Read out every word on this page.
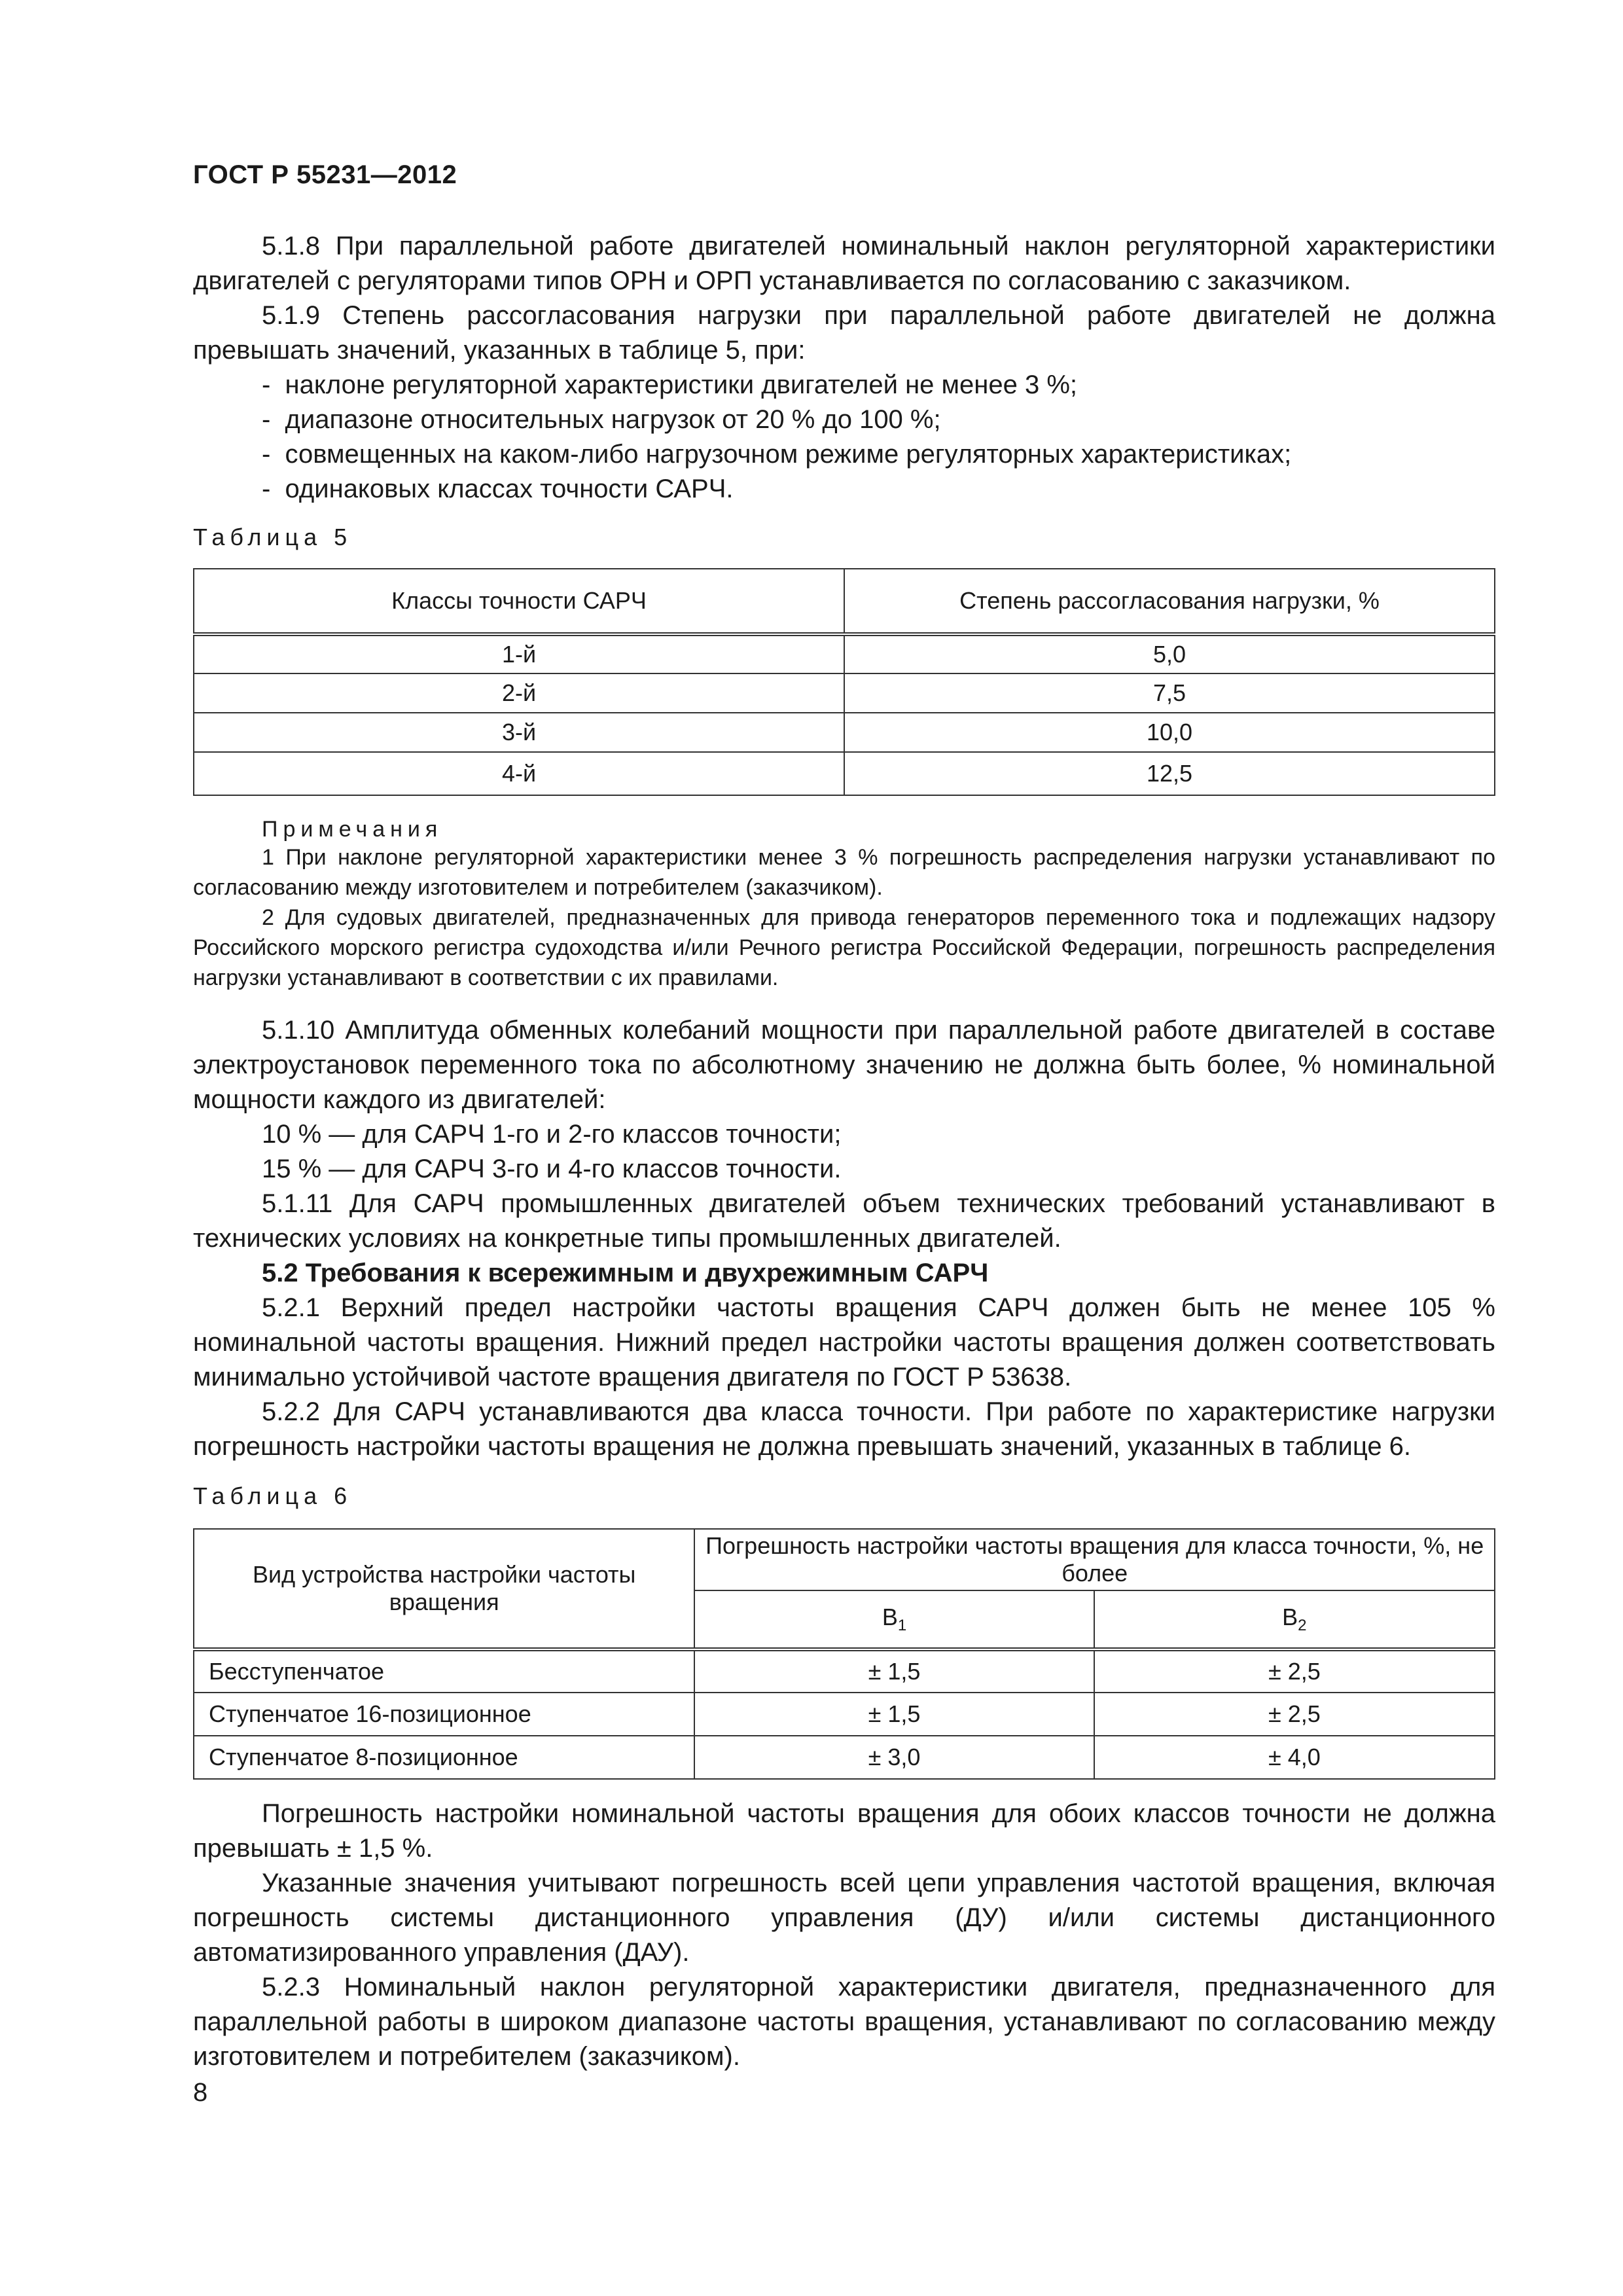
ГОСТ Р 55231—2012

5.1.8 При параллельной работе двигателей номинальный наклон регуляторной характеристики двигателей с регуляторами типов ОРН и ОРП устанавливается по согласованию с заказчиком.

5.1.9 Степень рассогласования нагрузки при параллельной работе двигателей не должна превышать значений, указанных в таблице 5, при:

-  наклоне регуляторной характеристики двигателей не менее 3 %;

-  диапазоне относительных нагрузок от 20 % до 100 %;

-  совмещенных на каком-либо нагрузочном режиме регуляторных характеристиках;

-  одинаковых классах точности САРЧ.

Таблица 5

Классы точности САРЧ	Степень рассогласования нагрузки, %
1-й	5,0
2-й	7,5
3-й	10,0
4-й	12,5

Примечания

1 При наклоне регуляторной характеристики менее 3 % погрешность распределения нагрузки устанавливают по согласованию между изготовителем и потребителем (заказчиком).

2 Для судовых двигателей, предназначенных для привода генераторов переменного тока и подлежащих надзору Российского морского регистра судоходства и/или Речного регистра Российской Федерации, погрешность распределения нагрузки устанавливают в соответствии с их правилами.

5.1.10 Амплитуда обменных колебаний мощности при параллельной работе двигателей в составе электроустановок переменного тока по абсолютному значению не должна быть более, % номинальной мощности каждого из двигателей:

10 % — для САРЧ 1-го и 2-го классов точности;

15 % — для САРЧ 3-го и 4-го классов точности.

5.1.11 Для САРЧ промышленных двигателей объем технических требований устанавливают в технических условиях на конкретные типы промышленных двигателей.

5.2 Требования к всережимным и двухрежимным САРЧ

5.2.1 Верхний предел настройки частоты вращения САРЧ должен быть не менее 105 % номинальной частоты вращения. Нижний предел настройки частоты вращения должен соответствовать минимально устойчивой частоте вращения двигателя по ГОСТ Р 53638.

5.2.2 Для САРЧ устанавливаются два класса точности. При работе по характеристике нагрузки погрешность настройки частоты вращения не должна превышать значений, указанных в таблице 6.

Таблица 6

Вид устройства настройки частоты вращения	Погрешность настройки частоты вращения для класса точности, %, не более	
	$В_1$	$В_2$
Бесступенчатое	± 1,5	± 2,5
Ступенчатое 16-позиционное	± 1,5	± 2,5
Ступенчатое 8-позиционное	± 3,0	± 4,0

Погрешность настройки номинальной частоты вращения для обоих классов точности не должна превышать ± 1,5 %.

Указанные значения учитывают погрешность всей цепи управления частотой вращения, включая погрешность системы дистанционного управления (ДУ) и/или системы дистанционного автоматизированного управления (ДАУ).

5.2.3 Номинальный наклон регуляторной характеристики двигателя, предназначенного для параллельной работы в широком диапазоне частоты вращения, устанавливают по согласованию между изготовителем и потребителем (заказчиком).

8
